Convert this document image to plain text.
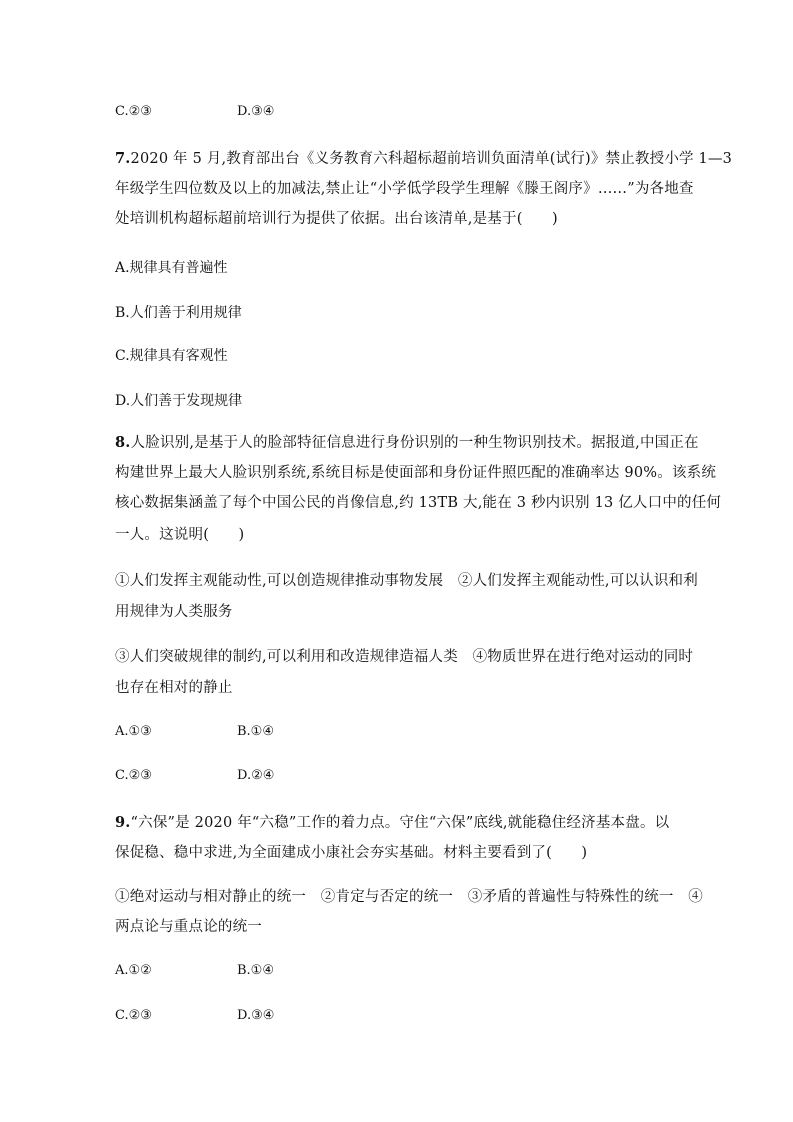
C.②③	D.③④
7.2020 年 5 月,教育部出台《义务教育六科超标超前培训负面清单(试行)》禁止教授小学 1—3
年级学生四位数及以上的加减法,禁止让“小学低学段学生理解《滕王阁序》……”为各地查
处培训机构超标超前培训行为提供了依据。出台该清单,是基于(　　)
A.规律具有普遍性
B.人们善于利用规律
C.规律具有客观性
D.人们善于发现规律
8.人脸识别,是基于人的脸部特征信息进行身份识别的一种生物识别技术。据报道,中国正在
构建世界上最大人脸识别系统,系统目标是使面部和身份证件照匹配的准确率达 90%。该系统
核心数据集涵盖了每个中国公民的肖像信息,约 13TB 大,能在 3 秒内识别 13 亿人口中的任何
一人。这说明(　　)
①人们发挥主观能动性,可以创造规律推动事物发展　②人们发挥主观能动性,可以认识和利
用规律为人类服务
③人们突破规律的制约,可以利用和改造规律造福人类　④物质世界在进行绝对运动的同时
也存在相对的静止
A.①③	B.①④
C.②③	D.②④
9.“六保”是 2020 年“六稳”工作的着力点。守住“六保”底线,就能稳住经济基本盘。以
保促稳、稳中求进,为全面建成小康社会夯实基础。材料主要看到了(　　)
①绝对运动与相对静止的统一　②肯定与否定的统一　③矛盾的普遍性与特殊性的统一　④
两点论与重点论的统一
A.①②	B.①④
C.②③	D.③④
